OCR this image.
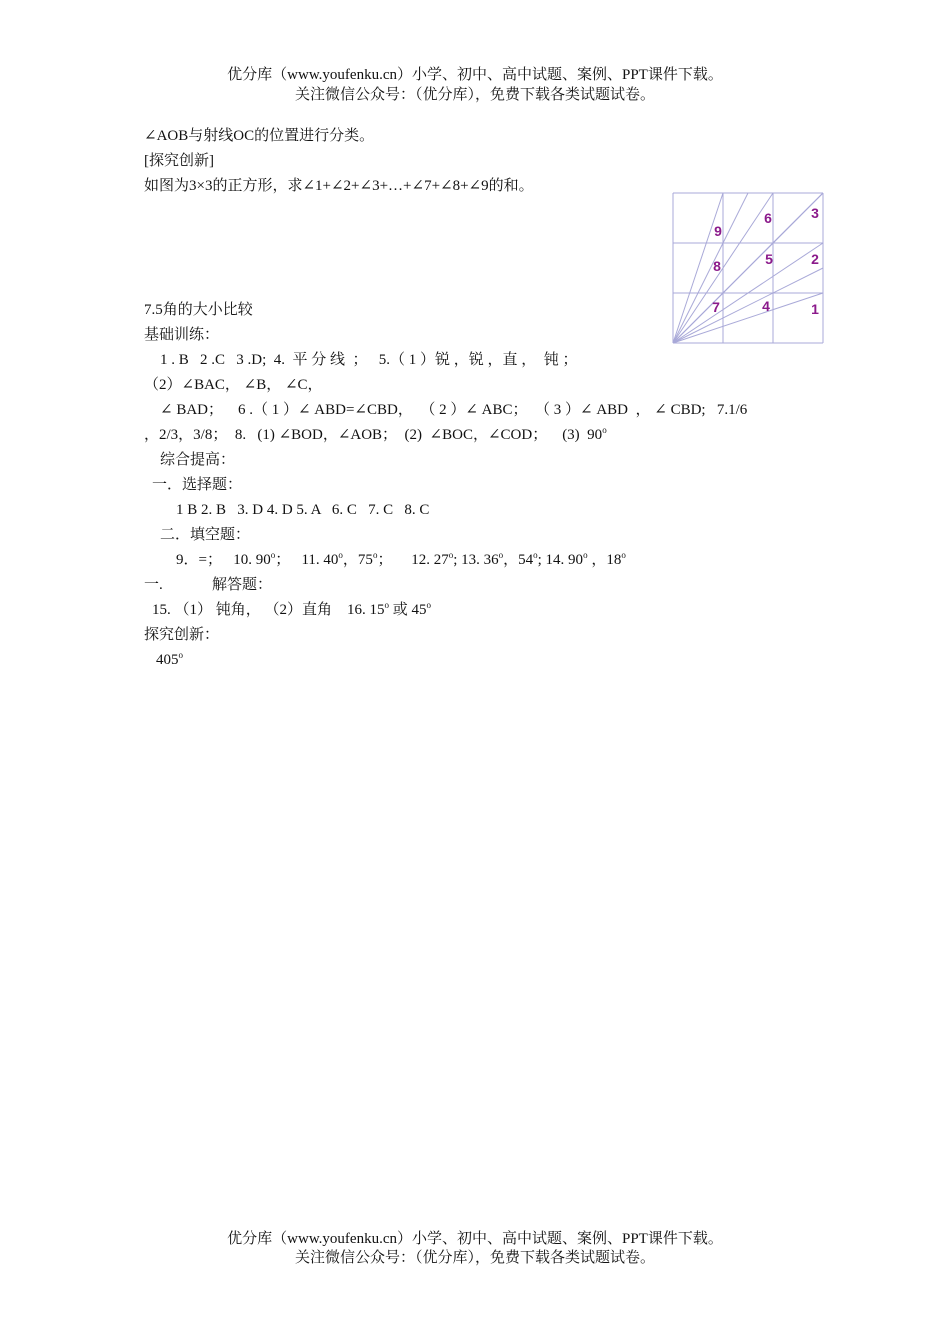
优分库（www.youfenku.cn）小学、初中、高中试题、案例、PPT课件下载。
关注微信公众号：（优分库），免费下载各类试题试卷。
∠AOB与射线OC的位置进行分类。
[探究创新]
如图为3×3的正方形，求∠1+∠2+∠3+…+∠7+∠8+∠9的和。
9
6	3
8	5	2
7	4	1
7.5角的大小比较
基础训练：
1 . B   2 .C   3 .D;  4.  平 分 线  ；   5.（ 1 ）锐 ，锐 ，直 ，  钝 ；
（2）∠BAC， ∠B， ∠C，
∠ BAD；    6 .（ 1 ）∠ ABD=∠CBD，  （ 2 ）∠ ABC；  （ 3 ）∠ ABD  ， ∠ CBD;   7.1/6
，2/3，3/8；  8.   (1) ∠BOD，∠AOB；  (2)  ∠BOC，∠COD；    (3)  90$^o$
综合提高：
一．选择题：
1 B 2. B   3. D 4. D 5. A   6. C   7. C   8. C
二．填空题：
9．=；   10. 90$^o$；   11. 40$^o$，75$^o$；     12. 27$^o$; 13. 36$^o$，54$^o$; 14. 90$^o$ ，18$^o$
一.	解答题：
15. （1） 钝角， （2）直角    16. 15$^o$ 或 45$^o$
探究创新：
405$^o$
优分库（www.youfenku.cn）小学、初中、高中试题、案例、PPT课件下载。
关注微信公众号：（优分库），免费下载各类试题试卷。
